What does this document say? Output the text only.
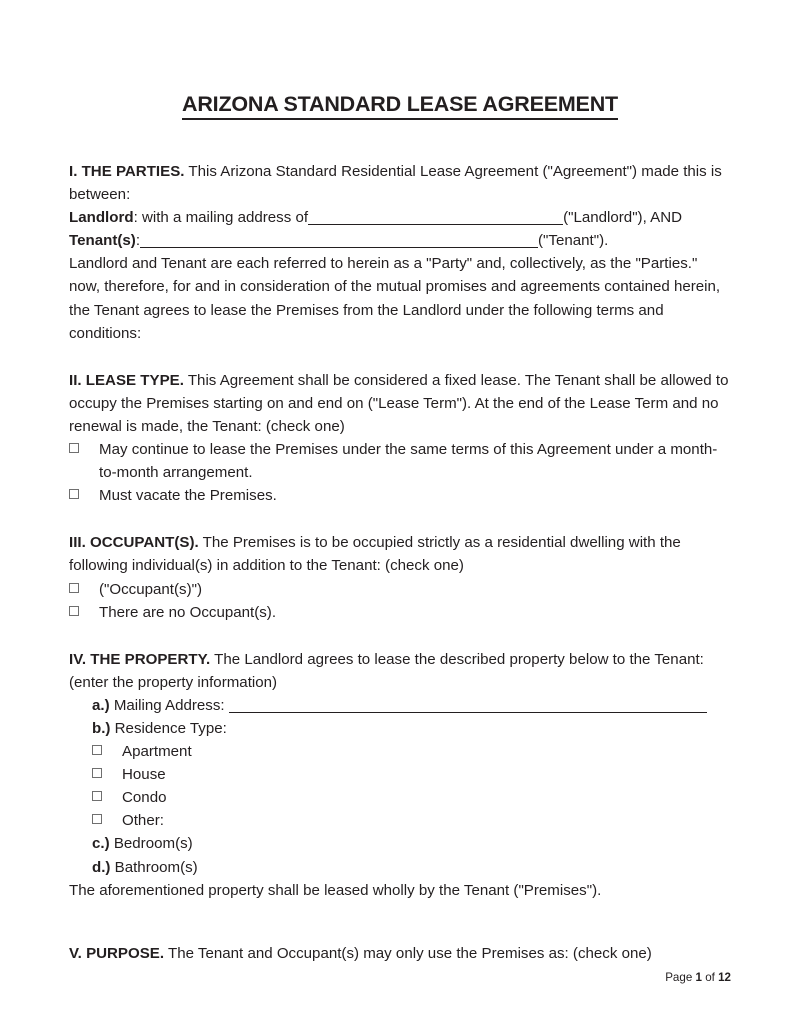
ARIZONA STANDARD LEASE AGREEMENT

I. THE PARTIES. This Arizona Standard Residential Lease Agreement ("Agreement") made this is between:

Landlord: with a mailing address of	("Landlord"), AND

Tenant(s):	("Tenant").

Landlord and Tenant are each referred to herein as a "Party" and, collectively, as the "Parties." now, therefore, for and in consideration of the mutual promises and agreements contained herein, the Tenant agrees to lease the Premises from the Landlord under the following terms and conditions:

II. LEASE TYPE. This Agreement shall be considered a fixed lease. The Tenant shall be allowed to occupy the Premises starting on and end on ("Lease Term"). At the end of the Lease Term and no renewal is made, the Tenant: (check one)

May continue to lease the Premises under the same terms of this Agreement under a month-to-month arrangement.
Must vacate the Premises.

III. OCCUPANT(S). The Premises is to be occupied strictly as a residential dwelling with the following individual(s) in addition to the Tenant: (check one)

("Occupant(s)")
There are no Occupant(s).

IV. THE PROPERTY. The Landlord agrees to lease the described property below to the Tenant: (enter the property information)

a.) Mailing Address:
b.) Residence Type:
Apartment
House
Condo
Other:
c.) Bedroom(s)
d.) Bathroom(s)

The aforementioned property shall be leased wholly by the Tenant ("Premises").

V. PURPOSE. The Tenant and Occupant(s) may only use the Premises as: (check one)

Page 1 of 12
